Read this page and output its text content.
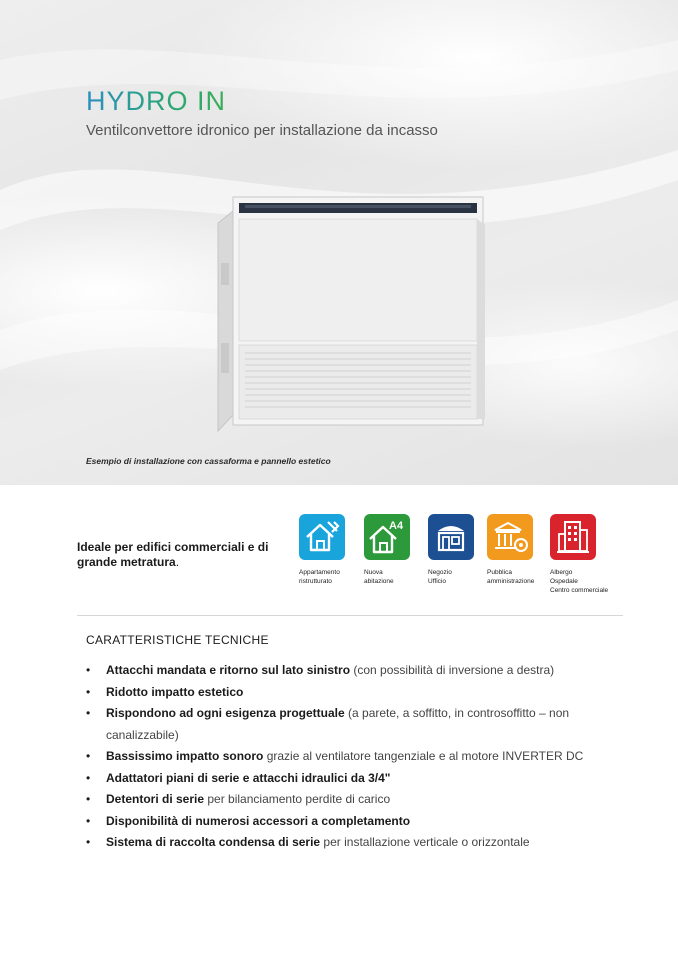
HYDRO IN
Ventilconvettore idronico per installazione da incasso
Esempio di installazione con cassaforma e pannello estetico
Ideale per edifici commerciali e di grande metratura.
Appartamento
ristrutturato
A4
Nuova
abitazione
Negozio
Ufficio
Pubblica
amministrazione
Albergo
Ospedale
Centro commerciale
CARATTERISTICHE TECNICHE
• Attacchi mandata e ritorno sul lato sinistro (con possibilità di inversione a destra)
• Ridotto impatto estetico
• Rispondono ad ogni esigenza progettuale (a parete, a soffitto, in controsoffitto – non canalizzabile)
• Bassissimo impatto sonoro grazie al ventilatore tangenziale e al motore INVERTER DC
• Adattatori piani di serie e attacchi idraulici da 3/4"
• Detentori di serie per bilanciamento perdite di carico
• Disponibilità di numerosi accessori a completamento
• Sistema di raccolta condensa di serie per installazione verticale o orizzontale
